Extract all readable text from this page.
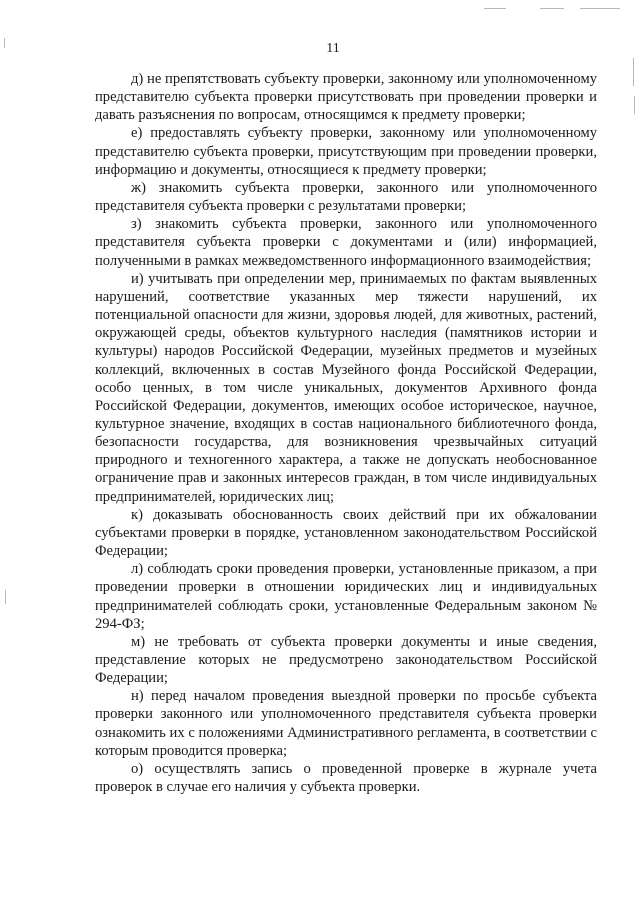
11

д) не препятствовать субъекту проверки, законному или уполномоченному представителю субъекта проверки присутствовать при проведении проверки и давать разъяснения по вопросам, относящимся к предмету проверки;

е) предоставлять субъекту проверки, законному или уполномоченному представителю субъекта проверки, присутствующим при проведении проверки, информацию и документы, относящиеся к предмету проверки;

ж) знакомить субъекта проверки, законного или уполномоченного представителя субъекта проверки с результатами проверки;

з) знакомить субъекта проверки, законного или уполномоченного представителя субъекта проверки с документами и (или) информацией, полученными в рамках межведомственного информационного взаимодействия;

и) учитывать при определении мер, принимаемых по фактам выявленных нарушений, соответствие указанных мер тяжести нарушений, их потенциальной опасности для жизни, здоровья людей, для животных, растений, окружающей среды, объектов культурного наследия (памятников истории и культуры) народов Российской Федерации, музейных предметов и музейных коллекций, включенных в состав Музейного фонда Российской Федерации, особо ценных, в том числе уникальных, документов Архивного фонда Российской Федерации, документов, имеющих особое историческое, научное, культурное значение, входящих в состав национального библиотечного фонда, безопасности государства, для возникновения чрезвычайных ситуаций природного и техногенного характера, а также не допускать необоснованное ограничение прав и законных интересов граждан, в том числе индивидуальных предпринимателей, юридических лиц;

к) доказывать обоснованность своих действий при их обжаловании субъектами проверки в порядке, установленном законодательством Российской Федерации;

л) соблюдать сроки проведения проверки, установленные приказом, а при проведении проверки в отношении юридических лиц и индивидуальных предпринимателей соблюдать сроки, установленные Федеральным законом № 294-ФЗ;

м) не требовать от субъекта проверки документы и иные сведения, представление которых не предусмотрено законодательством Российской Федерации;

н) перед началом проведения выездной проверки по просьбе субъекта проверки законного или уполномоченного представителя субъекта проверки ознакомить их с положениями Административного регламента, в соответствии с которым проводится проверка;

о) осуществлять запись о проведенной проверке в журнале учета проверок в случае его наличия у субъекта проверки.
